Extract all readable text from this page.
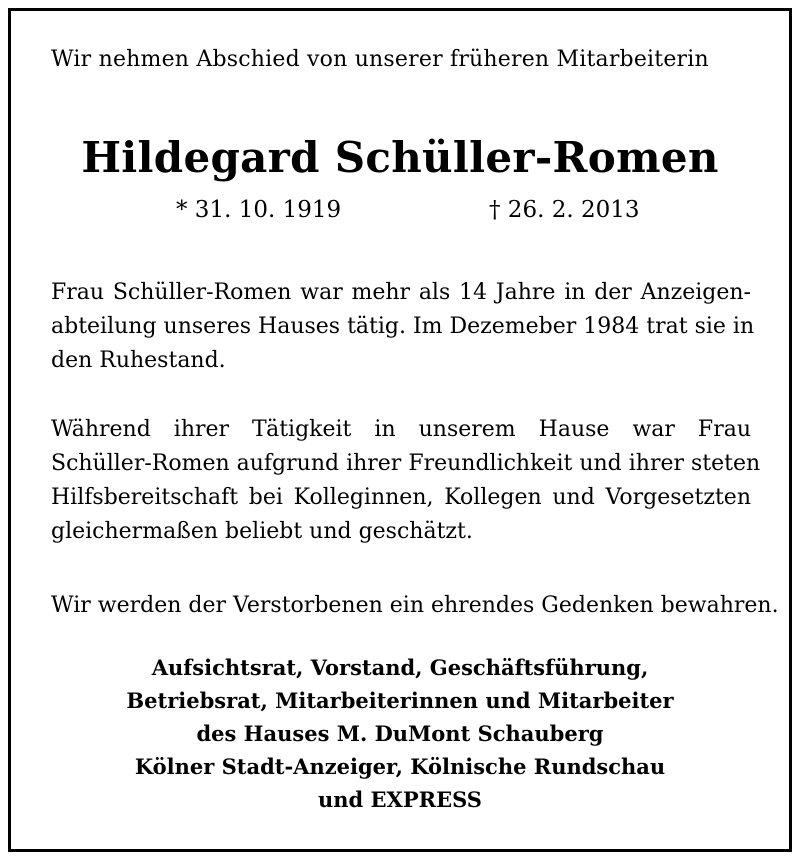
Wir nehmen Abschied von unserer früheren Mitarbeiterin
Hildegard Schüller-Romen
* 31. 10. 1919	† 26. 2. 2013
Frau Schüller-Romen war mehr als 14 Jahre in der Anzeigen-
abteilung unseres Hauses tätig. Im Dezemeber 1984 trat sie in
den Ruhestand.
Während ihrer Tätigkeit in unserem Hause war Frau
Schüller-Romen aufgrund ihrer Freundlichkeit und ihrer steten
Hilfsbereitschaft bei Kolleginnen, Kollegen und Vorgesetzten
gleichermaßen beliebt und geschätzt.
Wir werden der Verstorbenen ein ehrendes Gedenken bewahren.
Aufsichtsrat, Vorstand, Geschäftsführung,
Betriebsrat, Mitarbeiterinnen und Mitarbeiter
des Hauses M. DuMont Schauberg
Kölner Stadt-Anzeiger, Kölnische Rundschau
und EXPRESS
